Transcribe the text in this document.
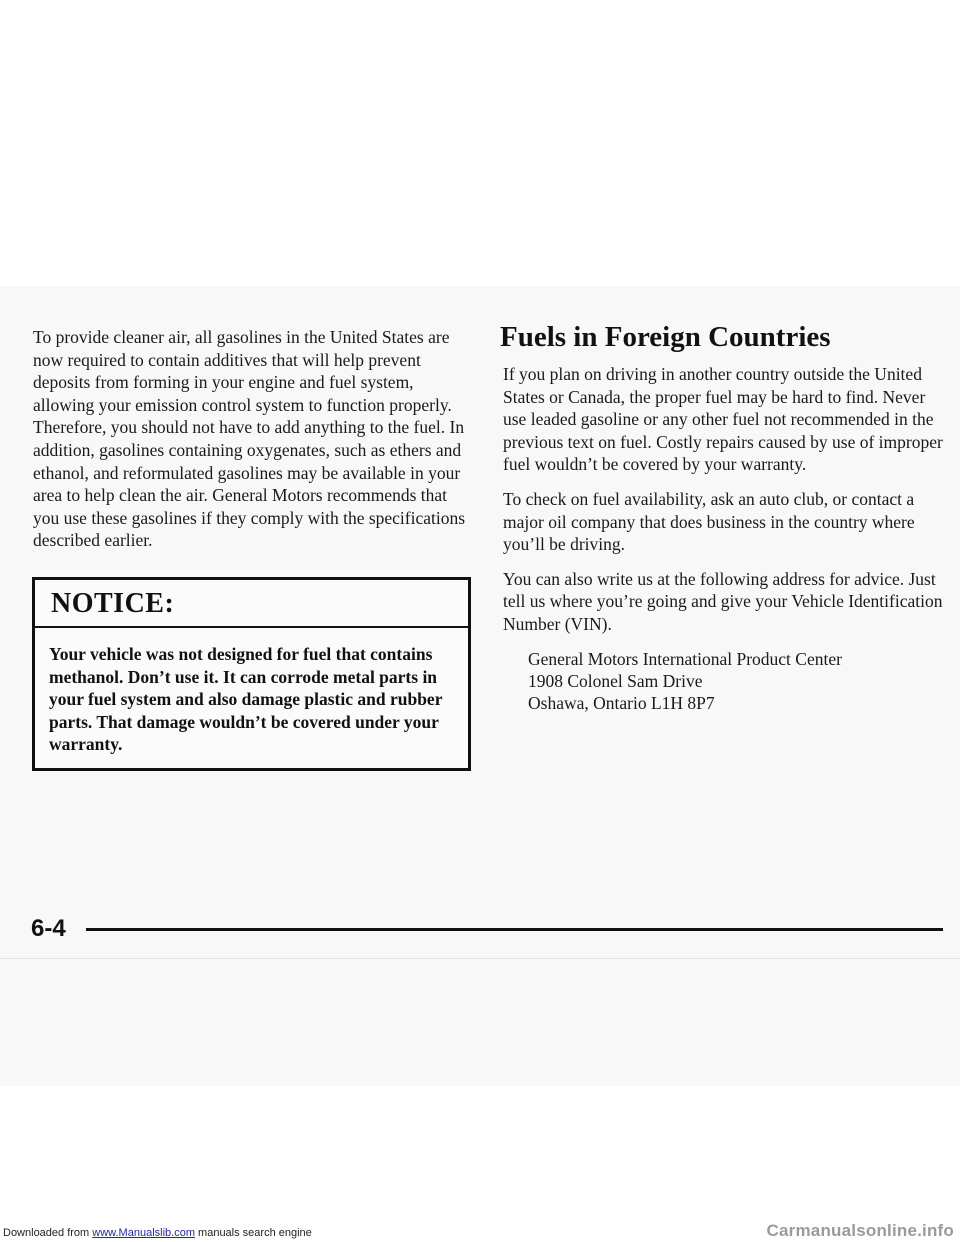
To provide cleaner air, all gasolines in the United States are now required to contain additives that will help prevent deposits from forming in your engine and fuel system, allowing your emission control system to function properly. Therefore, you should not have to add anything to the fuel. In addition, gasolines containing oxygenates, such as ethers and ethanol, and reformulated gasolines may be available in your area to help clean the air. General Motors recommends that you use these gasolines if they comply with the specifications described earlier.

NOTICE:
Your vehicle was not designed for fuel that contains methanol. Don’t use it. It can corrode metal parts in your fuel system and also damage plastic and rubber parts. That damage wouldn’t be covered under your warranty.
Fuels in Foreign Countries

If you plan on driving in another country outside the United States or Canada, the proper fuel may be hard to find. Never use leaded gasoline or any other fuel not recommended in the previous text on fuel. Costly repairs caused by use of improper fuel wouldn’t be covered by your warranty.

To check on fuel availability, ask an auto club, or contact a major oil company that does business in the country where you’ll be driving.

You can also write us at the following address for advice. Just tell us where you’re going and give your Vehicle Identification Number (VIN).

General Motors International Product Center
1908 Colonel Sam Drive
Oshawa, Ontario L1H 8P7
6-4
Downloaded from www.Manualslib.com manuals search engine	Carmanualsonline.info
